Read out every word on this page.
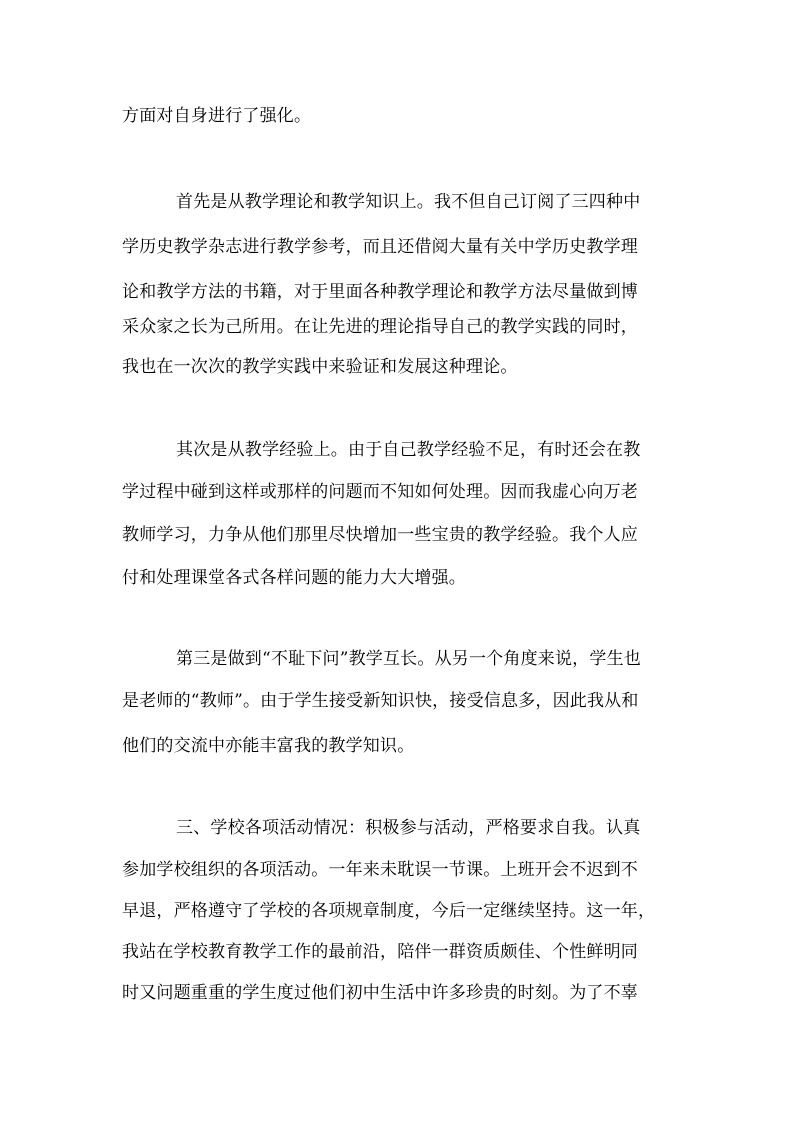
方面对自身进行了强化。
首先是从教学理论和教学知识上。我不但自己订阅了三四种中
学历史教学杂志进行教学参考，而且还借阅大量有关中学历史教学理
论和教学方法的书籍，对于里面各种教学理论和教学方法尽量做到博
采众家之长为己所用。在让先进的理论指导自己的教学实践的同时，
我也在一次次的教学实践中来验证和发展这种理论。
其次是从教学经验上。由于自己教学经验不足，有时还会在教
学过程中碰到这样或那样的问题而不知如何处理。因而我虚心向万老
教师学习，力争从他们那里尽快增加一些宝贵的教学经验。我个人应
付和处理课堂各式各样问题的能力大大增强。
第三是做到“不耻下问”教学互长。从另一个角度来说，学生也
是老师的“教师”。由于学生接受新知识快，接受信息多，因此我从和
他们的交流中亦能丰富我的教学知识。
三、学校各项活动情况：积极参与活动，严格要求自我。认真
参加学校组织的各项活动。一年来未耽误一节课。上班开会不迟到不
早退，严格遵守了学校的各项规章制度，今后一定继续坚持。这一年，
我站在学校教育教学工作的最前沿，陪伴一群资质颇佳、个性鲜明同
时又问题重重的学生度过他们初中生活中许多珍贵的时刻。为了不辜
